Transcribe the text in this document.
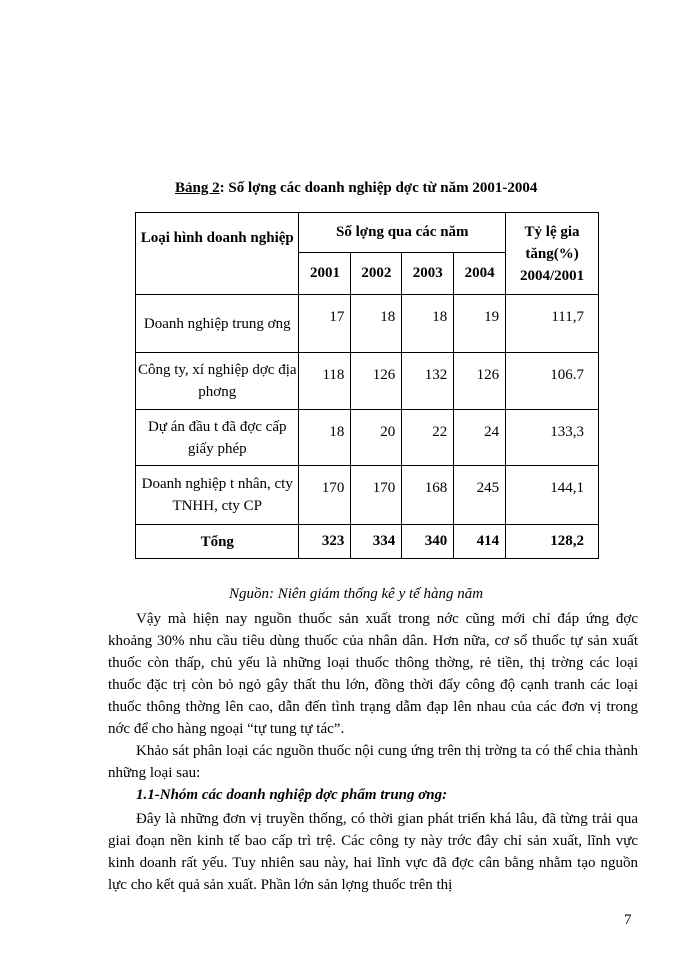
Bảng 2: Số lợng các doanh nghiệp dợc từ năm 2001-2004
Loại hình doanh nghiệp	Số lợng qua các năm				Tỷ lệ gia tăng(%) 2004/2001
	2001	2002	2003	2004	
Doanh nghiệp trung ơng	17	18	18	19	111,7
Công ty, xí nghiệp dợc địa phơng	118	126	132	126	106.7
Dự án đầu t đã đợc cấp giấy phép	18	20	22	24	133,3
Doanh nghiệp t nhân, cty TNHH, cty CP	170	170	168	245	144,1
Tổng	323	334	340	414	128,2
Nguồn: Niên giám thống kê y tế hàng năm
Vậy mà hiện nay nguồn thuốc sản xuất trong nớc cũng mới chỉ đáp ứng đợc khoảng 30% nhu cầu tiêu dùng thuốc của nhân dân. Hơn nữa, cơ số thuốc tự sản xuất thuốc còn thấp, chủ yếu là những loại thuốc thông thờng, rẻ tiền, thị trờng các loại thuốc đặc trị còn bỏ ngỏ gây thất thu lớn, đồng thời đẩy công độ cạnh tranh các loại thuốc thông thờng lên cao, dẫn đến tình trạng dẫm đạp lên nhau của các đơn vị trong nớc để cho hàng ngoại “tự tung tự tác”.
Khảo sát phân loại các nguồn thuốc nội cung ứng trên thị trờng ta có thể chia thành những loại sau:
1.1-Nhóm các doanh nghiệp dợc phẩm trung ơng:
Đây là những đơn vị truyền thống, có thời gian phát triển khá lâu, đã từng trải qua giai đoạn nền kinh tế bao cấp trì trệ. Các công ty này trớc đây chỉ sản xuất, lĩnh vực kinh doanh rất yếu. Tuy nhiên sau này, hai lĩnh vực đã đợc cân bằng nhằm tạo nguồn lực cho kết quả sản xuất. Phần lớn sản lợng thuốc trên thị
7
